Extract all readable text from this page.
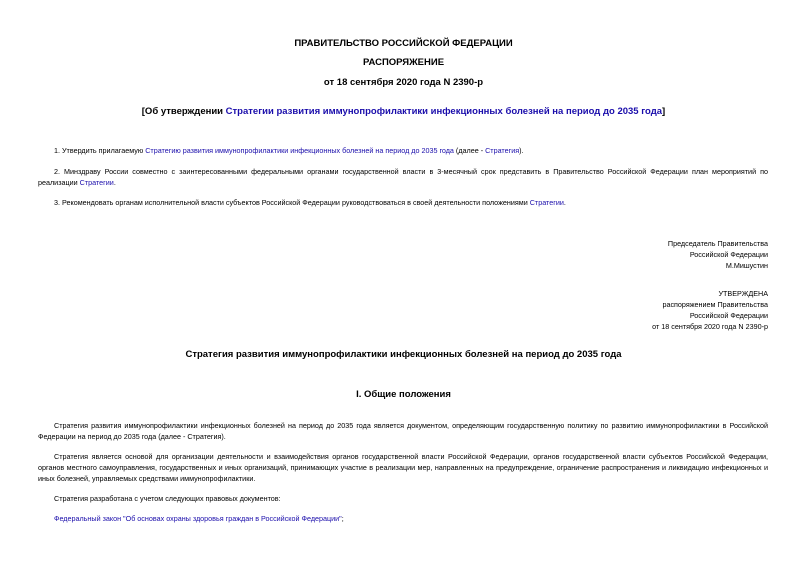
ПРАВИТЕЛЬСТВО РОССИЙСКОЙ ФЕДЕРАЦИИ
РАСПОРЯЖЕНИЕ
от 18 сентября 2020 года N 2390-р
[Об утверждении Стратегии развития иммунопрофилактики инфекционных болезней на период до 2035 года]

1. Утвердить прилагаемую Стратегию развития иммунопрофилактики инфекционных болезней на период до 2035 года (далее - Стратегия).

2. Минздраву России совместно с заинтересованными федеральными органами государственной власти в 3-месячный срок представить в Правительство Российской Федерации план мероприятий по реализации Стратегии.

3. Рекомендовать органам исполнительной власти субъектов Российской Федерации руководствоваться в своей деятельности положениями Стратегии.

Председатель Правительства
Российской Федерации
М.Мишустин
УТВЕРЖДЕНА
распоряжением Правительства
Российской Федерации
от 18 сентября 2020 года N 2390-р
Стратегия развития иммунопрофилактики инфекционных болезней на период до 2035 года
I. Общие положения

Стратегия развития иммунопрофилактики инфекционных болезней на период до 2035 года является документом, определяющим государственную политику по развитию иммунопрофилактики в Российской Федерации на период до 2035 года (далее - Стратегия).

Стратегия является основой для организации деятельности и взаимодействия органов государственной власти Российской Федерации, органов государственной власти субъектов Российской Федерации, органов местного самоуправления, государственных и иных организаций, принимающих участие в реализации мер, направленных на предупреждение, ограничение распространения и ликвидацию инфекционных и иных болезней, управляемых средствами иммунопрофилактики.

Стратегия разработана с учетом следующих правовых документов:

Федеральный закон "Об основах охраны здоровья граждан в Российской Федерации";
